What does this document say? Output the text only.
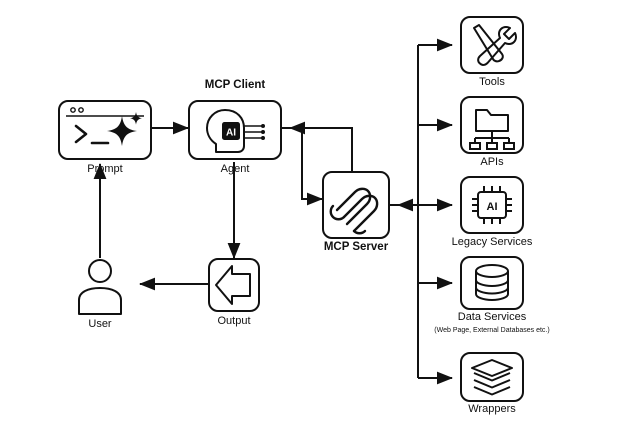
Prompt
MCP Client
AI
Agent
User	Output
MCP Server
Tools
APIs
AI
Legacy Services
Data Services
(Web Page, External Databases etc.)
Wrappers
